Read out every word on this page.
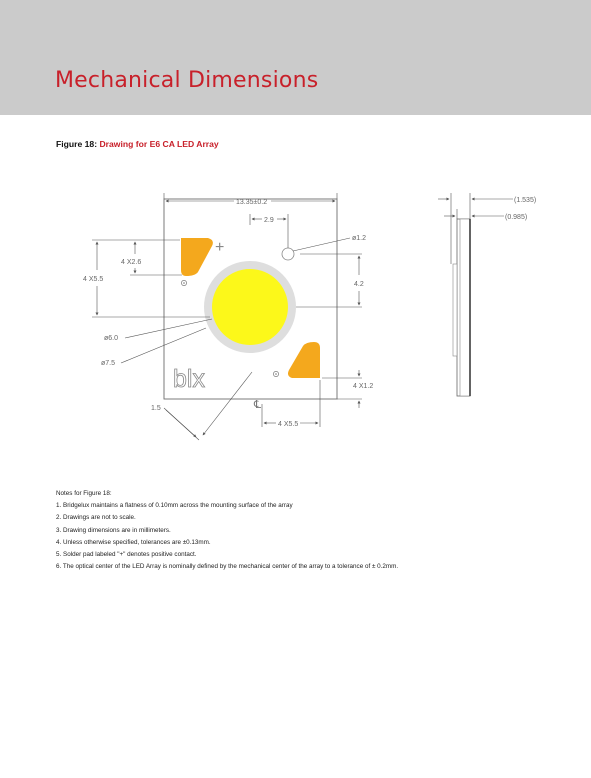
Mechanical Dimensions
Figure 18: Drawing for E6 CA LED Array
+
blx
℄
13.35±0.2
2.9
ø1.2
4 X2.6
4 X5.5
4.2
ø6.0
ø7.5
4 X1.2
1.5
4 X5.5
(1.535)
(0.985)
Notes for Figure 18:
1. Bridgelux maintains a flatness of 0.10mm across the mounting surface of the array
2. Drawings are not to scale.
3. Drawing dimensions are in millimeters.
4. Unless otherwise specified, tolerances are ±0.13mm.
5. Solder pad labeled "+" denotes positive contact.
6. The optical center of the LED Array is nominally defined by the mechanical center of the array to a tolerance of ± 0.2mm.
